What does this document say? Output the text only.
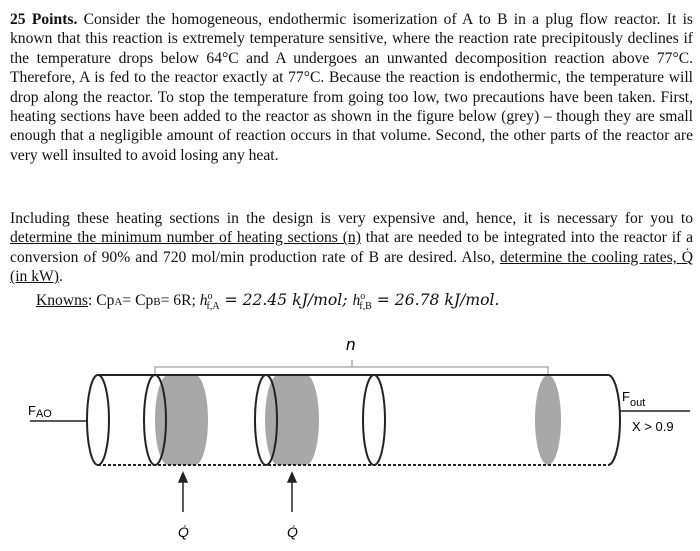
25 Points. Consider the homogeneous, endothermic isomerization of A to B in a plug flow reactor. It is known that this reaction is extremely temperature sensitive, where the reaction rate precipitously declines if the temperature drops below 64°C and A undergoes an unwanted decomposition reaction above 77°C. Therefore, A is fed to the reactor exactly at 77°C. Because the reaction is endothermic, the temperature will drop along the reactor. To stop the temperature from going too low, two precautions have been taken. First, heating sections have been added to the reactor as shown in the figure below (grey) – though they are small enough that a negligible amount of reaction occurs in that volume. Second, the other parts of the reactor are very well insulted to avoid losing any heat.

Including these heating sections in the design is very expensive and, hence, it is necessary for you to determine the minimum number of heating sections (n) that are needed to be integrated into the reactor if a conversion of 90% and 720 mol/min production rate of B are desired. Also, determine the cooling rates, Q̇ (in kW).

Knowns: CpA= CpB= 6R; $h^o_{f,A} = 22.45$ kJ/mol; $h^o_{f,B} = 26.78$ kJ/mol.
n
FAO
$F_{out}$
X > 0.9
Q̇	Q̇
